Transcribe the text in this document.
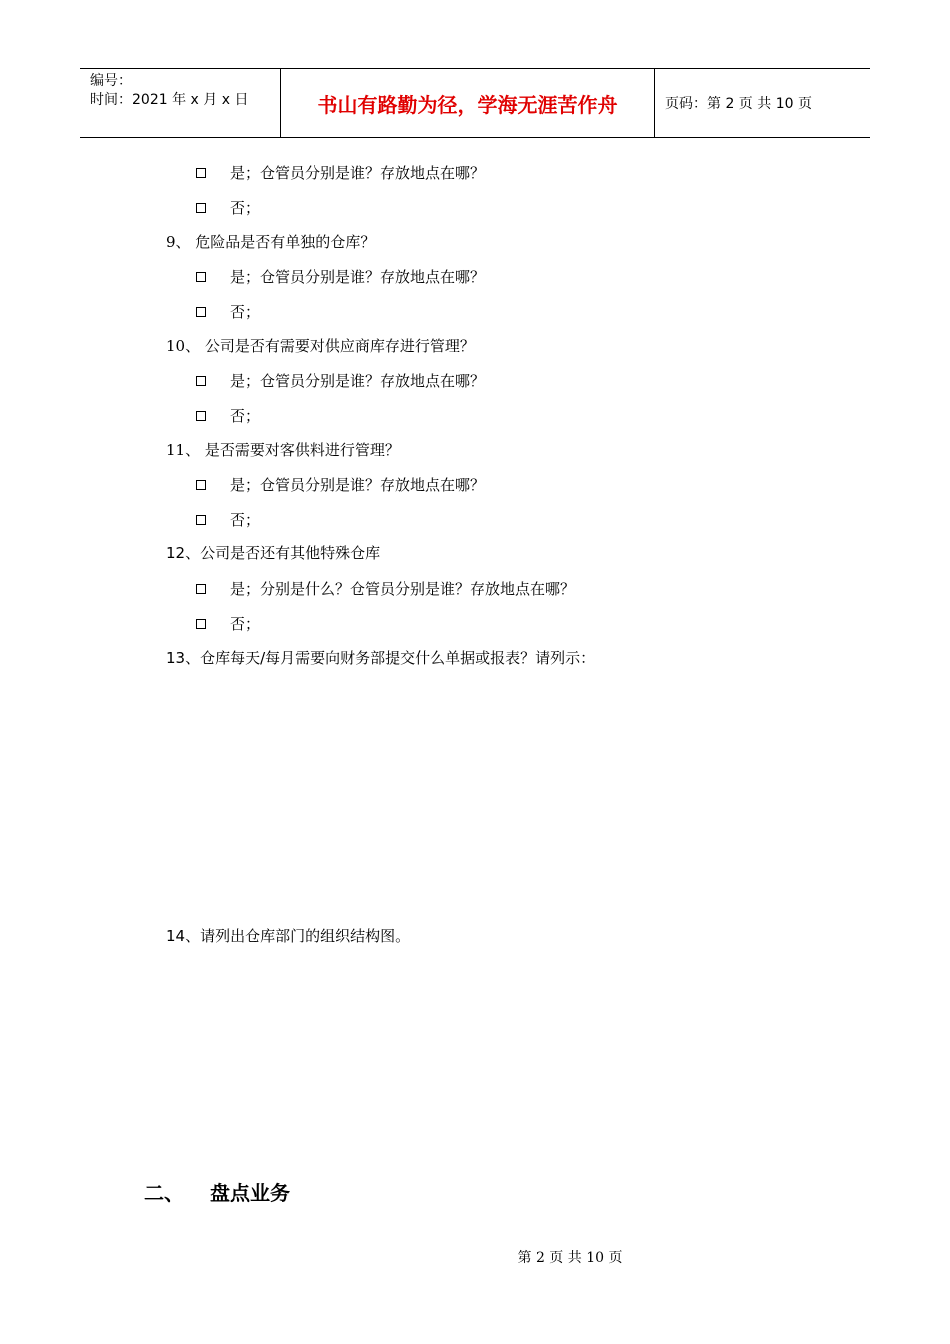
编号：
时间：2021 年 x 月 x 日	书山有路勤为径，学海无涯苦作舟	页码：第 2 页 共 10 页
是；仓管员分别是谁？存放地点在哪？
否；
9、 危险品是否有单独的仓库？
是；仓管员分别是谁？存放地点在哪？
否；
10、 公司是否有需要对供应商库存进行管理？
是；仓管员分别是谁？存放地点在哪？
否；
11、 是否需要对客供料进行管理？
是；仓管员分别是谁？存放地点在哪？
否；
12、公司是否还有其他特殊仓库
是；分别是什么？仓管员分别是谁？存放地点在哪？
否；
13、仓库每天/每月需要向财务部提交什么单据或报表？请列示：
14、请列出仓库部门的组织结构图。
二、 盘点业务
第 2 页 共 10 页
